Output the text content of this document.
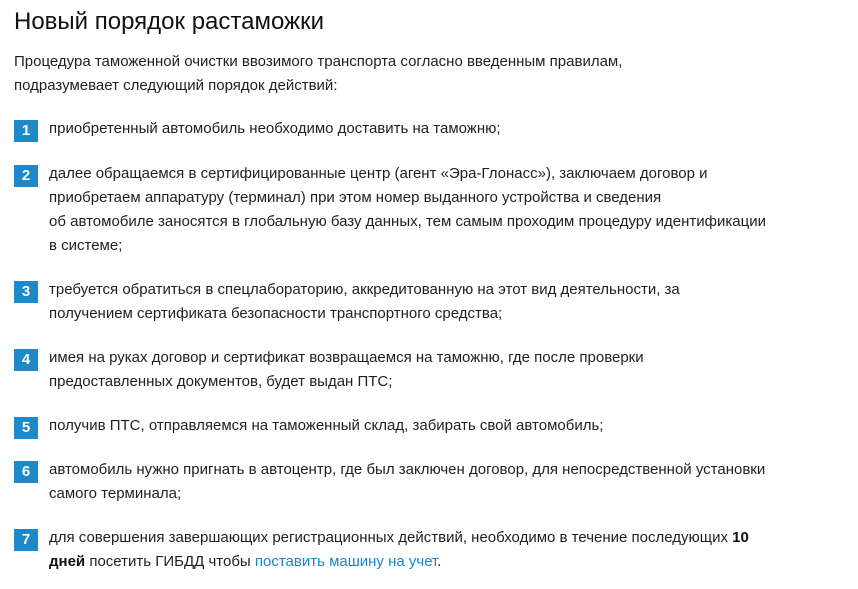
Новый порядок растаможки

Процедура таможенной очистки ввозимого транспорта согласно введенным правилам,
подразумевает следующий порядок действий:

1	приобретенный автомобиль необходимо доставить на таможню;
2	далее обращаемся в сертифицированные центр (агент «Эра-Глонасс»), заключаем договор и
приобретаем аппаратуру (терминал) при этом номер выданного устройства и сведения
об автомобиле заносятся в глобальную базу данных, тем самым проходим процедуру идентификации
в системе;
3	требуется обратиться в спецлабораторию, аккредитованную на этот вид деятельности, за
получением сертификата безопасности транспортного средства;
4	имея на руках договор и сертификат возвращаемся на таможню, где после проверки
предоставленных документов, будет выдан ПТС;
5	получив ПТС, отправляемся на таможенный склад, забирать свой автомобиль;
6	автомобиль нужно пригнать в автоцентр, где был заключен договор, для непосредственной установки
самого терминала;
7	для совершения завершающих регистрационных действий, необходимо в течение последующих 10
дней посетить ГИБДД чтобы поставить машину на учет.
